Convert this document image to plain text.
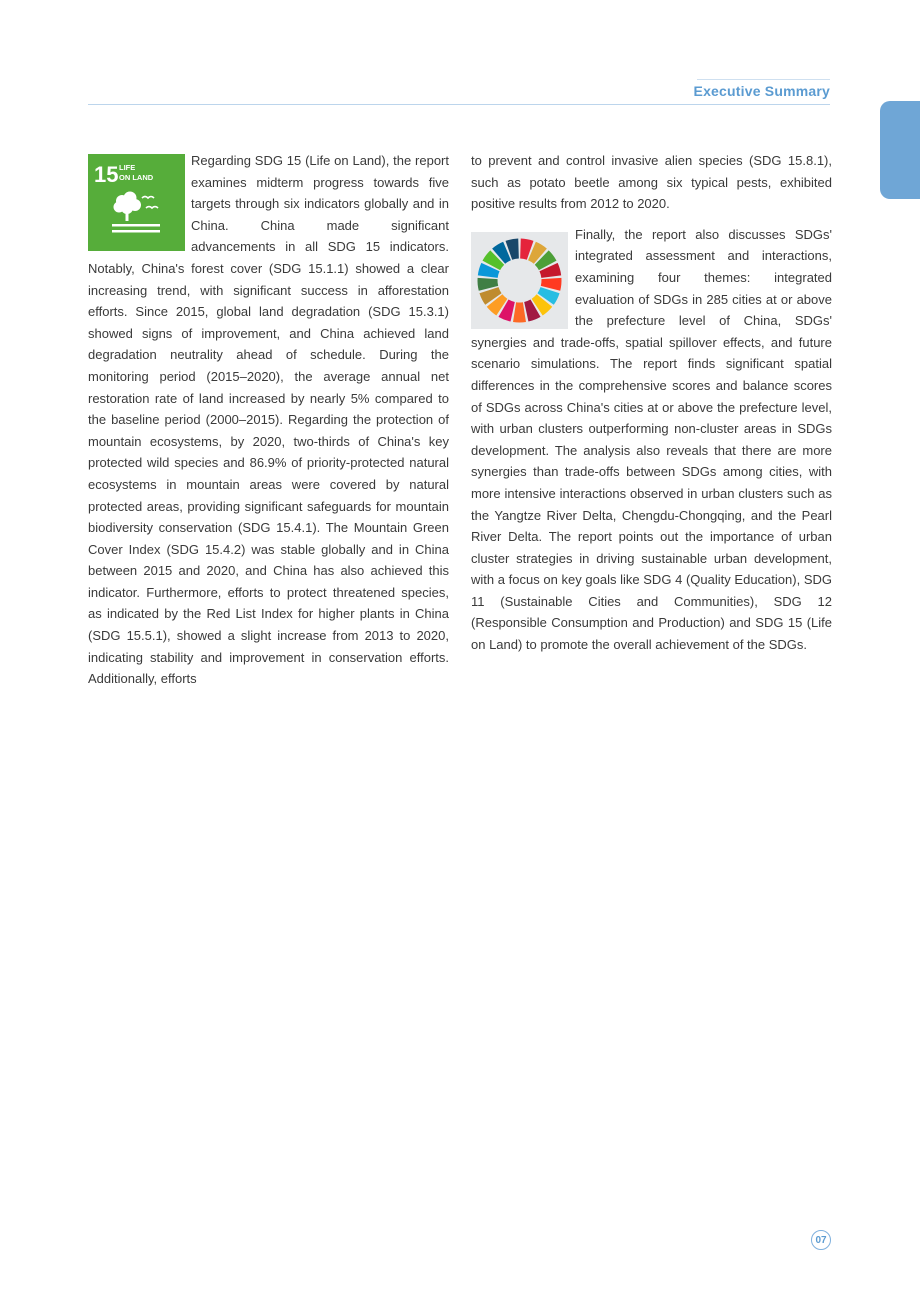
Executive Summary
15 LIFE
ON LAND

Regarding SDG 15 (Life on Land), the report examines midterm progress towards five targets through six indicators globally and in China. China made significant advancements in all SDG 15 indicators. Notably, China's forest cover (SDG 15.1.1) showed a clear increasing trend, with significant success in afforestation efforts. Since 2015, global land degradation (SDG 15.3.1) showed signs of improvement, and China achieved land degradation neutrality ahead of schedule. During the monitoring period (2015–2020), the average annual net restoration rate of land increased by nearly 5% compared to the baseline period (2000–2015). Regarding the protection of mountain ecosystems, by 2020, two-thirds of China's key protected wild species and 86.9% of priority-protected natural ecosystems in mountain areas were covered by natural protected areas, providing significant safeguards for mountain biodiversity conservation (SDG 15.4.1). The Mountain Green Cover Index (SDG 15.4.2) was stable globally and in China between 2015 and 2020, and China has also achieved this indicator. Furthermore, efforts to protect threatened species, as indicated by the Red List Index for higher plants in China (SDG 15.5.1), showed a slight increase from 2013 to 2020, indicating stability and improvement in conservation efforts. Additionally, efforts

to prevent and control invasive alien species (SDG 15.8.1), such as potato beetle among six typical pests, exhibited positive results from 2012 to 2020.

Finally, the report also discusses SDGs' integrated assessment and interactions, examining four themes: integrated evaluation of SDGs in 285 cities at or above the prefecture level of China, SDGs' synergies and trade-offs, spatial spillover effects, and future scenario simulations. The report finds significant spatial differences in the comprehensive scores and balance scores of SDGs across China's cities at or above the prefecture level, with urban clusters outperforming non-cluster areas in SDGs development. The analysis also reveals that there are more synergies than trade-offs between SDGs among cities, with more intensive interactions observed in urban clusters such as the Yangtze River Delta, Chengdu-Chongqing, and the Pearl River Delta. The report points out the importance of urban cluster strategies in driving sustainable urban development, with a focus on key goals like SDG 4 (Quality Education), SDG 11 (Sustainable Cities and Communities), SDG 12 (Responsible Consumption and Production) and SDG 15 (Life on Land) to promote the overall achievement of the SDGs.

07
